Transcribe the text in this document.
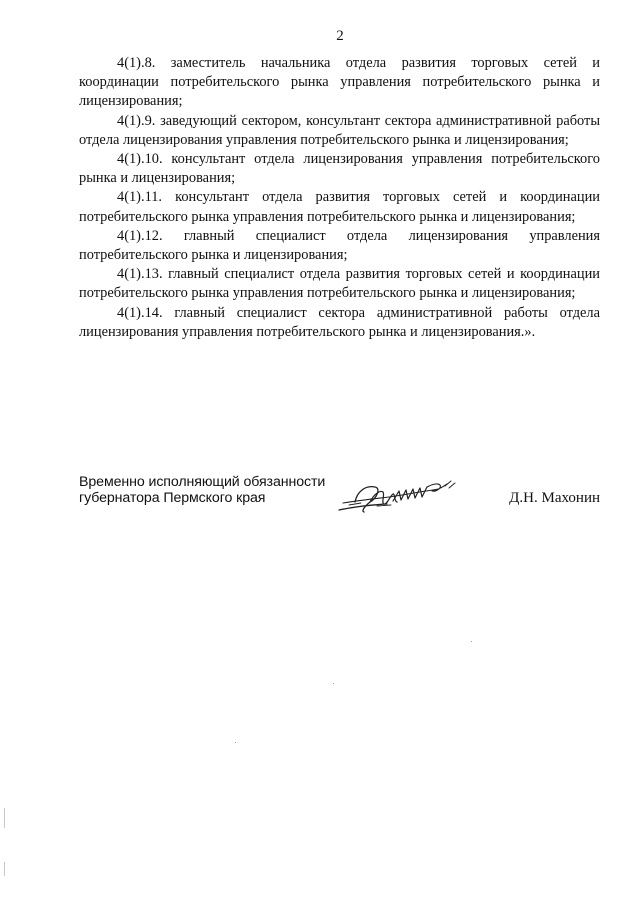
2

4(1).8. заместитель начальника отдела развития торговых сетей и координации потребительского рынка управления потребительского рынка и лицензирования;

4(1).9. заведующий сектором, консультант сектора административной работы отдела лицензирования управления потребительского рынка и лицензирования;

4(1).10. консультант отдела лицензирования управления потребительского рынка и лицензирования;

4(1).11. консультант отдела развития торговых сетей и координации потребительского рынка управления потребительского рынка и лицензирования;

4(1).12. главный специалист отдела лицензирования управления потребительского рынка и лицензирования;

4(1).13. главный специалист отдела развития торговых сетей и координации потребительского рынка управления потребительского рынка и лицензирования;

4(1).14. главный специалист сектора административной работы отдела лицензирования управления потребительского рынка и лицензирования.».

Временно исполняющий обязанности
губернатора Пермского края	Д.Н. Махонин
